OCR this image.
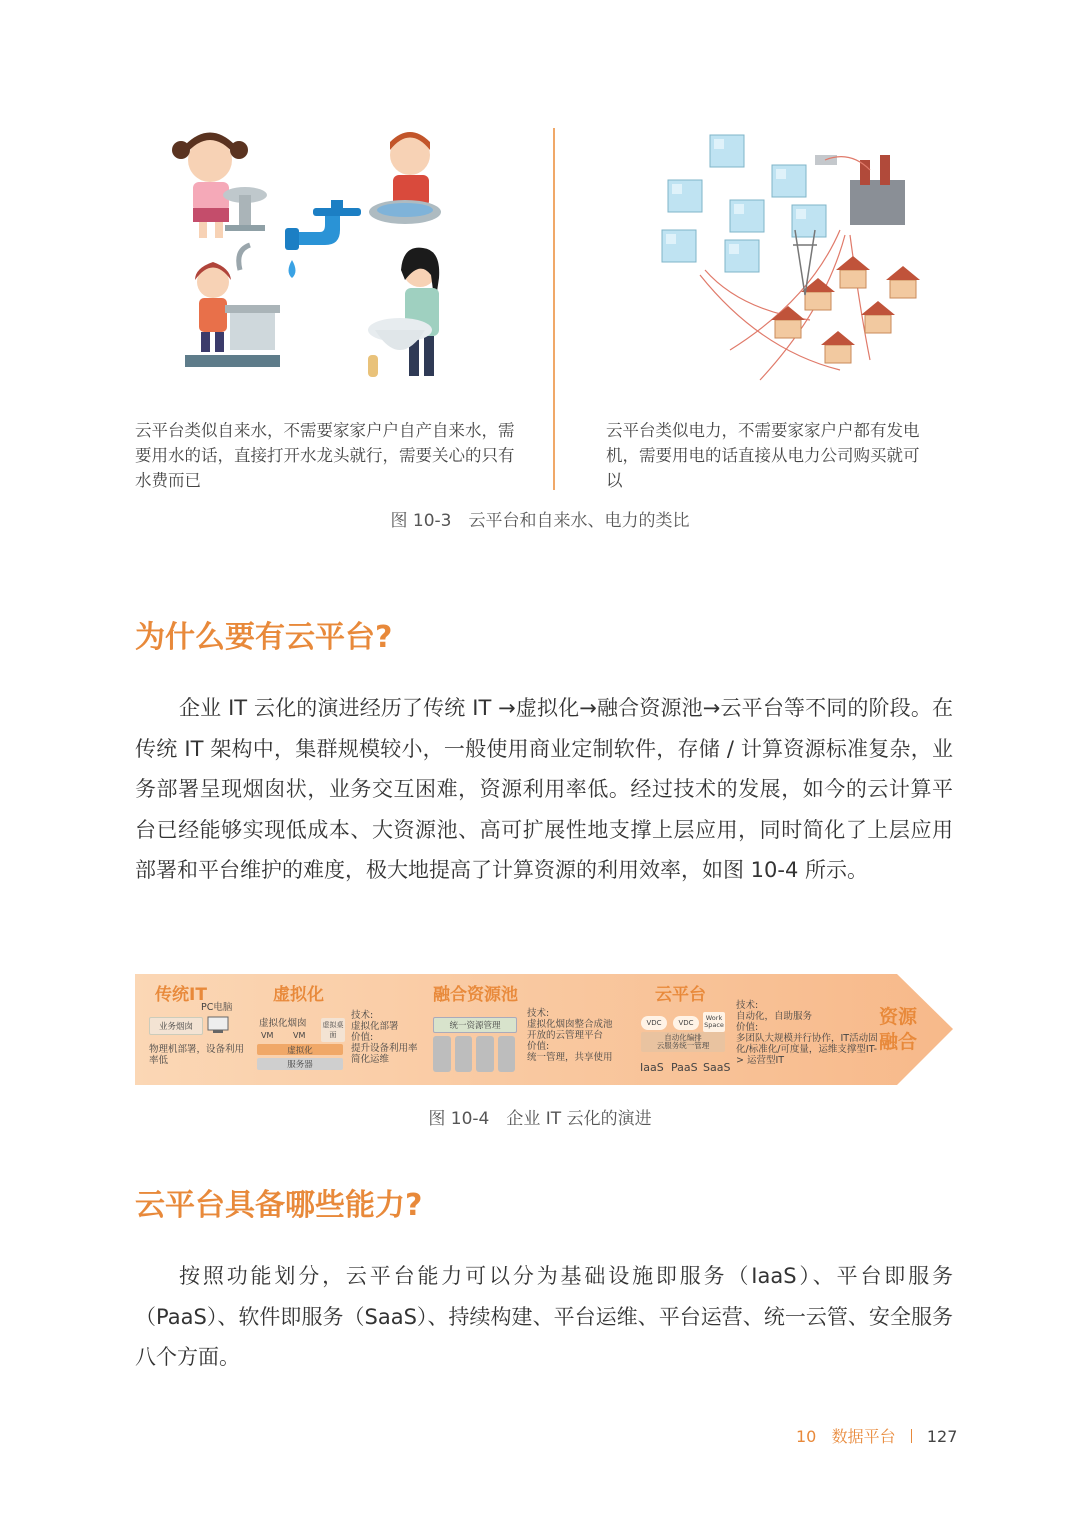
云平台类似自来水，不需要家家户户自产自来水，需要用水的话，直接打开水龙头就行，需要关心的只有水费而已
云平台类似电力，不需要家家户户都有发电机，需要用电的话直接从电力公司购买就可以
图 10-3　云平台和自来水、电力的类比
为什么要有云平台?

企业 IT 云化的演进经历了传统 IT →虚拟化→融合资源池→云平台等不同的阶段。在传统 IT 架构中，集群规模较小，一般使用商业定制软件，存储 / 计算资源标准复杂，业务部署呈现烟囱状，业务交互困难，资源利用率低。经过技术的发展，如今的云计算平台已经能够实现低成本、大资源池、高可扩展性地支撑上层应用，同时简化了上层应用部署和平台维护的难度，极大地提高了计算资源的利用效率，如图 10-4 所示。

传统IT
PC电脑
业务烟囱
物理机部署，设备利用率低
虚拟化
虚拟化烟囱
VM VM
虚拟桌面
虚拟化
服务器
技术:
虚拟化部署
价值:
提升设备利用率
简化运维
融合资源池
统一资源管理
技术:
虚拟化烟囱整合成池
开放的云管理平台
价值:
统一管理，共享使用
云平台
VDC	VDC
Work Space
自动化编排
云服务统一管理
IaaS PaaS SaaS
技术:
自动化，自助服务
价值:
多团队大规模并行协作，IT活动固化/标准化/可度量，运维支撑型IT-> 运营型IT
资源
融合
图 10-4　企业 IT 云化的演进
云平台具备哪些能力?

按照功能划分，云平台能力可以分为基础设施即服务（IaaS）、平台即服务（PaaS）、软件即服务（SaaS）、持续构建、平台运维、平台运营、统一云管、安全服务八个方面。

10 数据平台 127
